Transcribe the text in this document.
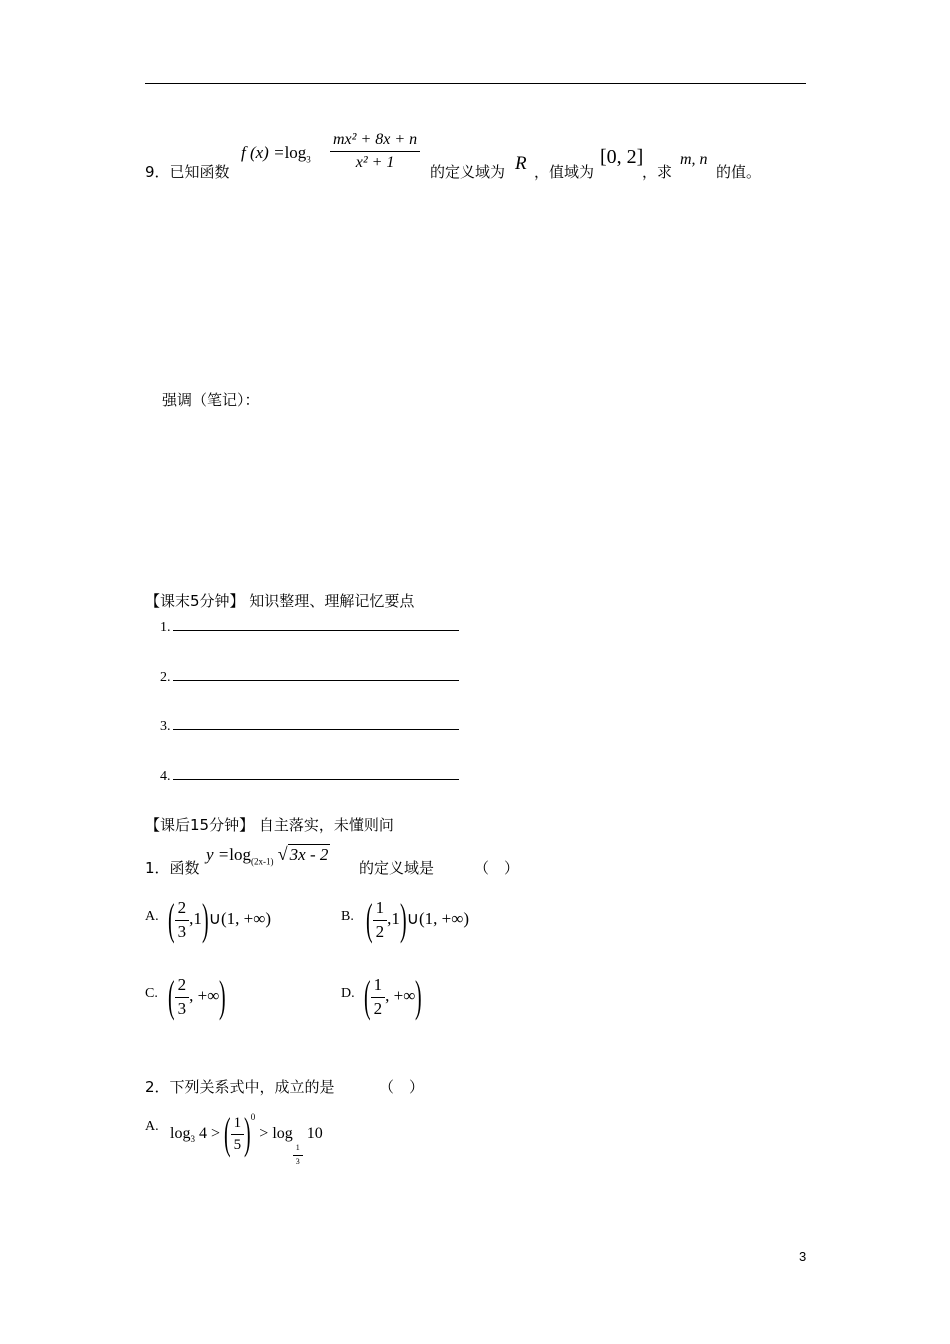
9．已知函数
f $(x) =\log_3 \frac{\text{mx² + 8x + n}}{\text{x² + 1}}$
的定义域为 R ，值域为
[0, 2]
，求
m, n
的值。
强调（笔记）：
【课末5分钟】 知识整理、理解记忆要点
1.
2.
3.
4.
【课后15分钟】 自主落实，未懂则问
1．函数
$y =\log_{(2x-1)}$ √ 3x - 2
的定义域是	（　）
A. ( $\frac{2}{3}$ ,1)∪(1, +∞)	B. ( $\frac{1}{2}$ ,1)∪(1, +∞)
C. ( $\frac{2}{3}$ , +∞)	D. ( $\frac{1}{2}$ , +∞)
2．下列关系式中，成立的是	（　）
A. $\log_3 4$ > ( $\frac{1}{5} )^0 > \log$
$\frac{1}{3}$
10
3
